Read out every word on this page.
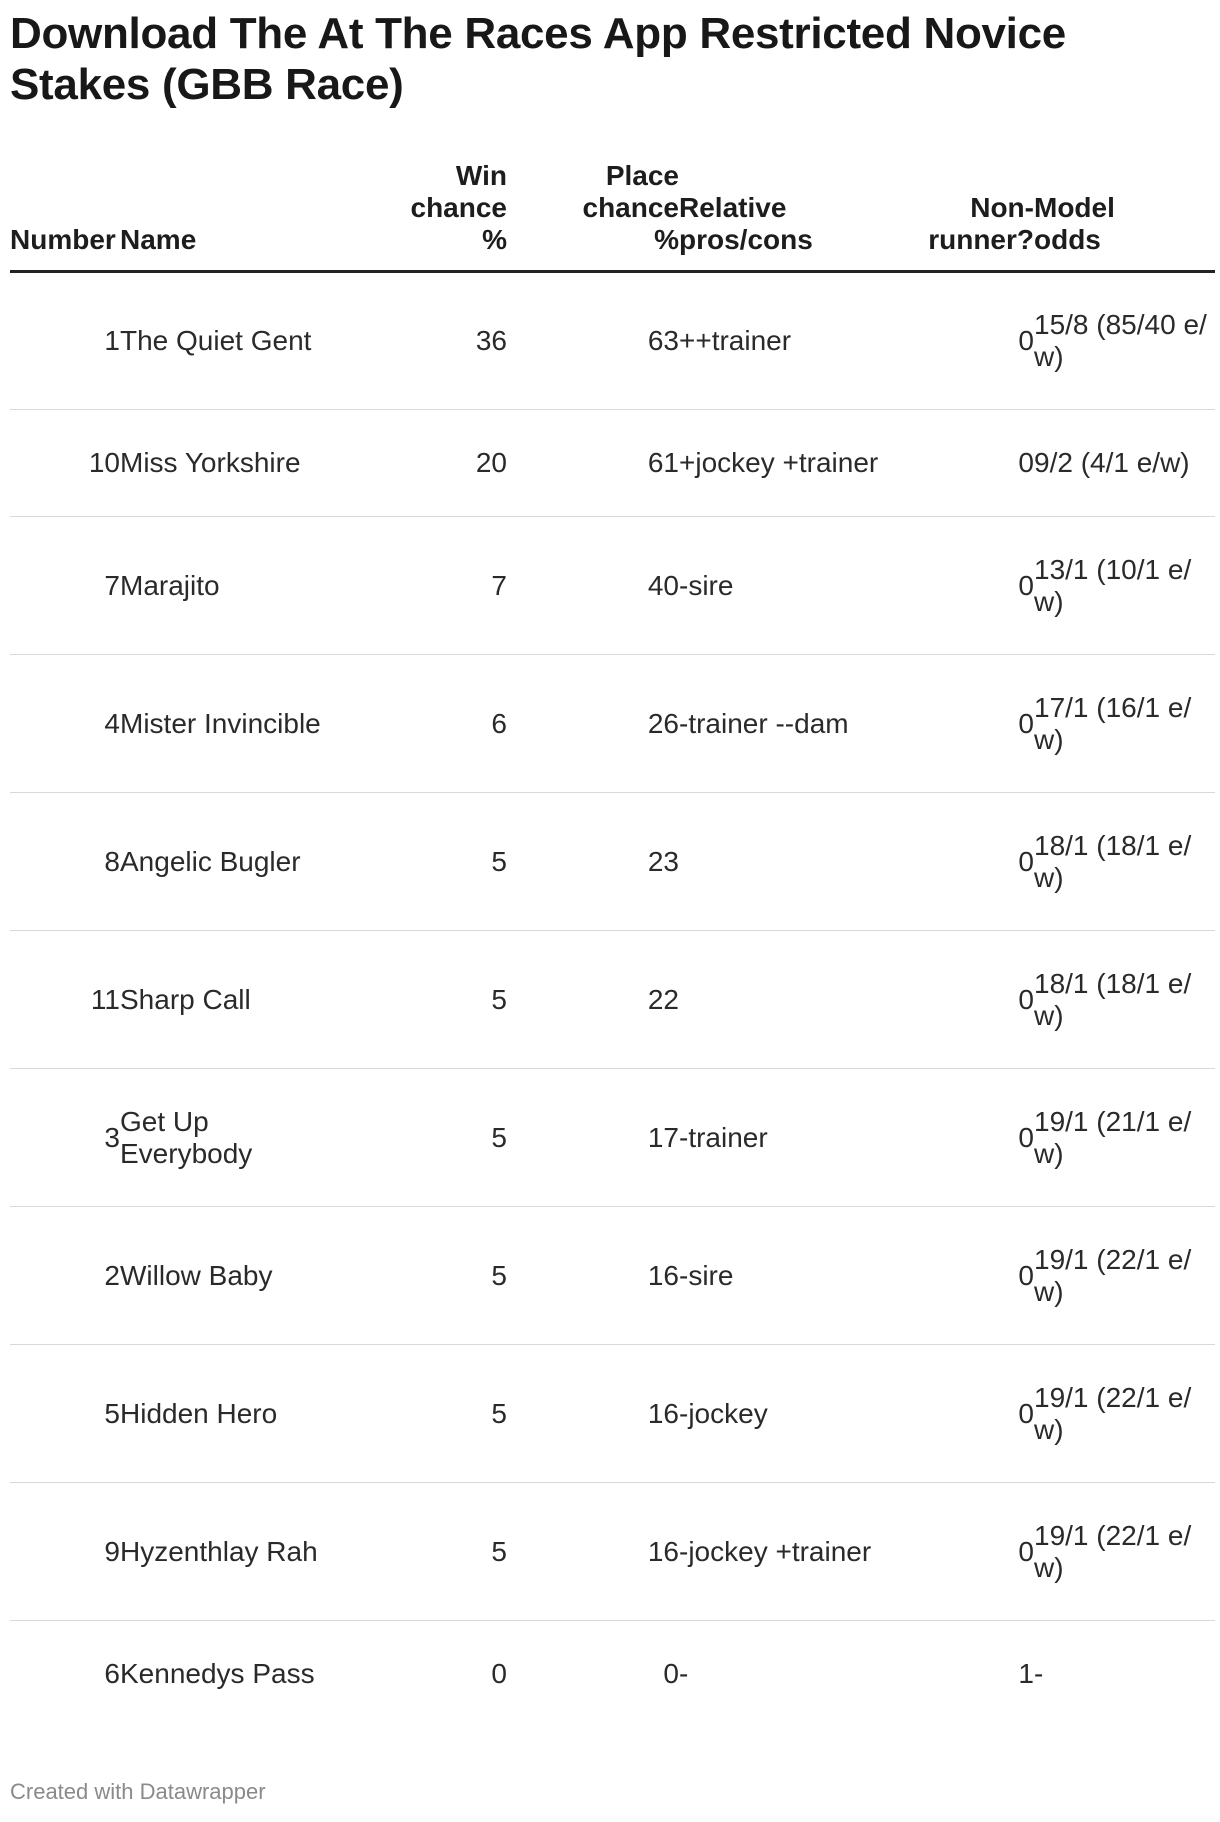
Download The At The Races App Restricted Novice Stakes (GBB Race)
Number	Name	Win chance %	Place chance %	Relative pros/cons	Non-runner?	Model odds
1	The Quiet Gent	36	63	++trainer	0	15/8 (85/40 e/w)
10	Miss Yorkshire	20	61	+jockey +trainer	0	9/2 (4/1 e/w)
7	Marajito	7	40	-sire	0	13/1 (10/1 e/w)
4	Mister Invincible	6	26	-trainer --dam	0	17/1 (16/1 e/w)
8	Angelic Bugler	5	23		0	18/1 (18/1 e/w)
11	Sharp Call	5	22		0	18/1 (18/1 e/w)
3	Get Up Everybody	5	17	-trainer	0	19/1 (21/1 e/w)
2	Willow Baby	5	16	-sire	0	19/1 (22/1 e/w)
5	Hidden Hero	5	16	-jockey	0	19/1 (22/1 e/w)
9	Hyzenthlay Rah	5	16	-jockey +trainer	0	19/1 (22/1 e/w)
6	Kennedys Pass	0	0	-	1	-
Created with Datawrapper
